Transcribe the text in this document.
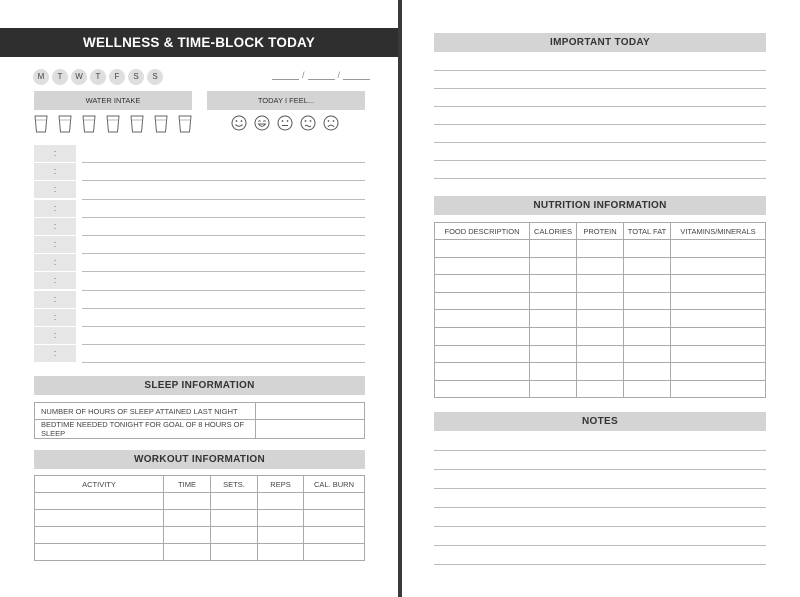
WELLNESS & TIME-BLOCK TODAY
M	T	W	T	F	S	S	/	/
WATER INTAKE	TODAY I FEEL...
:
:
:
:
:
:
:
:
:
:
:
:
SLEEP INFORMATION
NUMBER OF HOURS OF SLEEP ATTAINED LAST NIGHT	
BEDTIME NEEDED TONIGHT FOR GOAL OF 8 HOURS OF SLEEP	
WORKOUT INFORMATION
ACTIVITY	TIME	SETS.	REPS	CAL. BURN

IMPORTANT TODAY
NUTRITION INFORMATION
FOOD DESCRIPTION	CALORIES	PROTEIN	TOTAL FAT	VITAMINS/MINERALS

NOTES
